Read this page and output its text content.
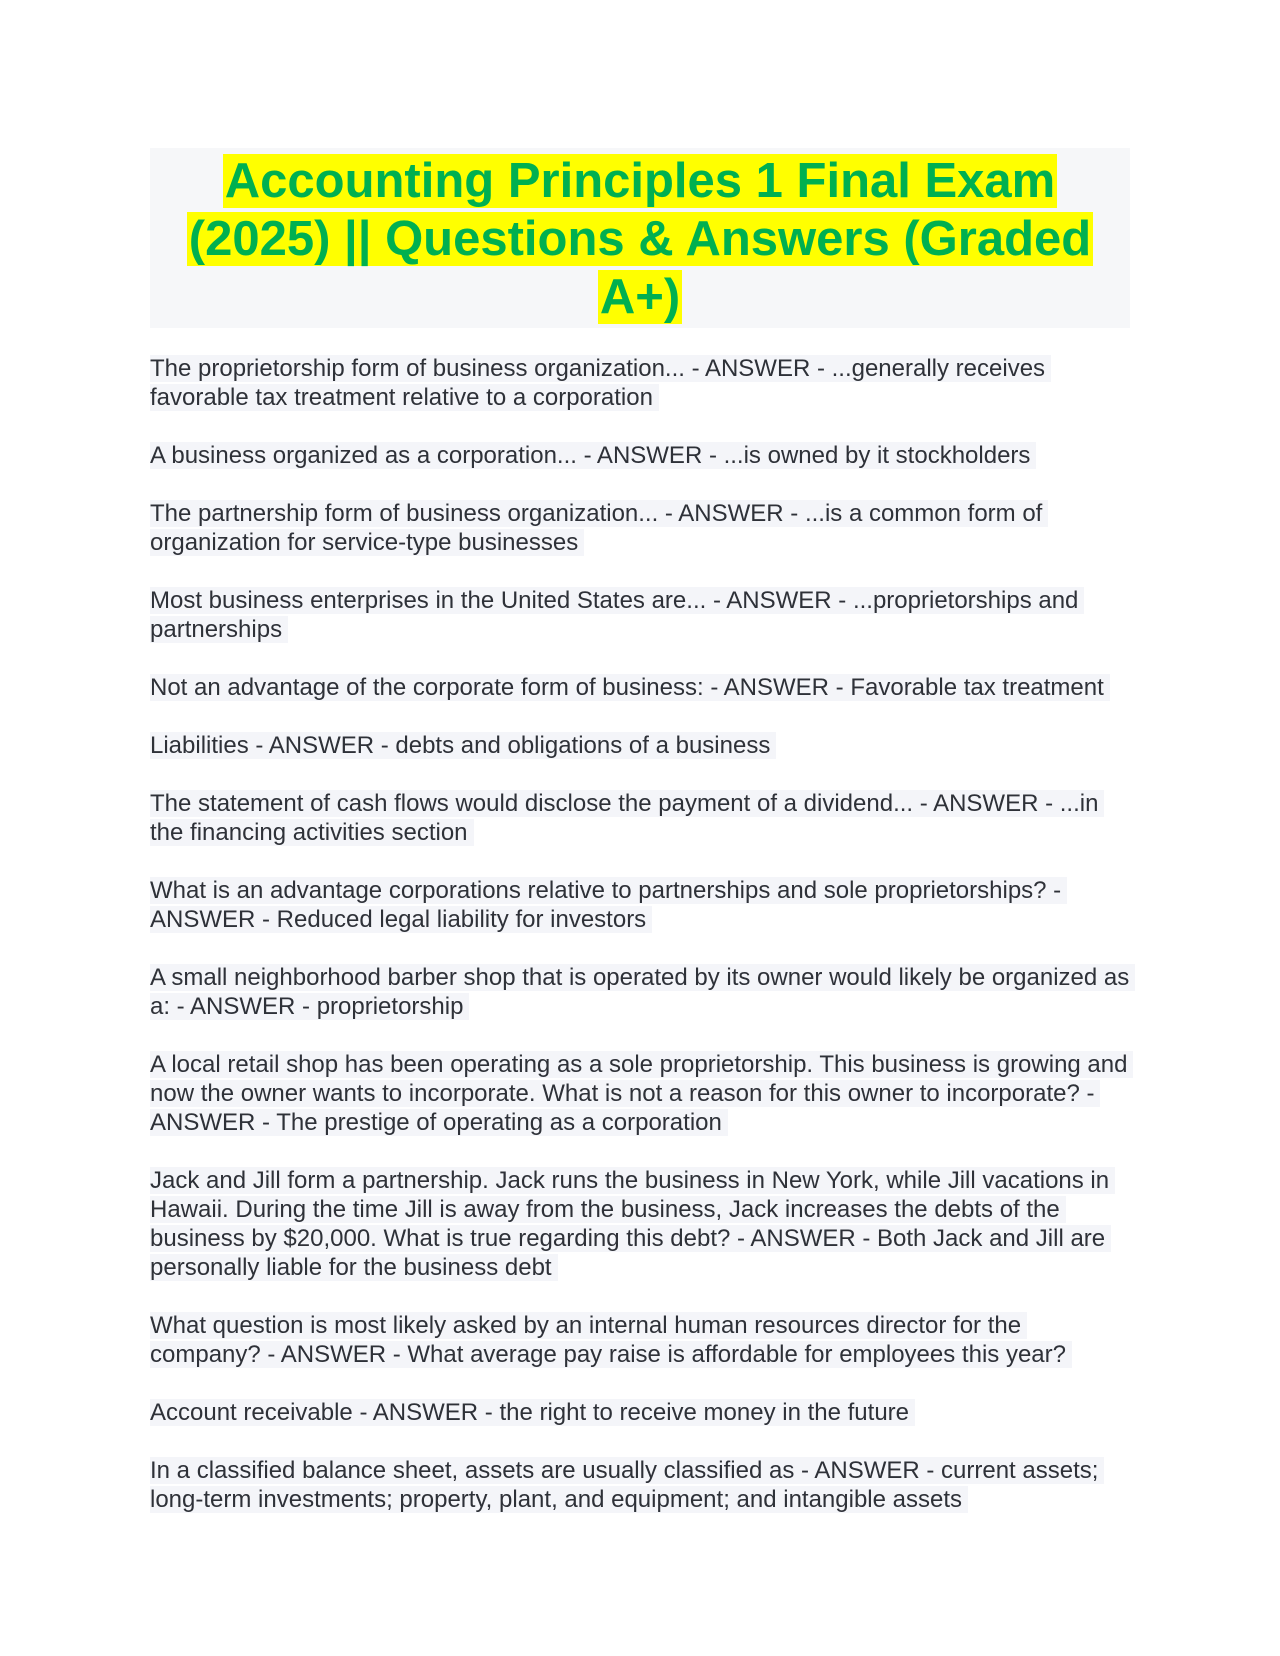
Accounting Principles 1 Final Exam (2025) || Questions & Answers (Graded A+)

The proprietorship form of business organization... - ANSWER - ...generally receives favorable tax treatment relative to a corporation

A business organized as a corporation... - ANSWER - ...is owned by it stockholders

The partnership form of business organization... - ANSWER - ...is a common form of organization for service-type businesses

Most business enterprises in the United States are... - ANSWER - ...proprietorships and partnerships

Not an advantage of the corporate form of business: - ANSWER - Favorable tax treatment

Liabilities - ANSWER - debts and obligations of a business

The statement of cash flows would disclose the payment of a dividend... - ANSWER - ...in the financing activities section

What is an advantage corporations relative to partnerships and sole proprietorships? - ANSWER - Reduced legal liability for investors

A small neighborhood barber shop that is operated by its owner would likely be organized as a: - ANSWER - proprietorship

A local retail shop has been operating as a sole proprietorship. This business is growing and now the owner wants to incorporate. What is not a reason for this owner to incorporate? - ANSWER - The prestige of operating as a corporation

Jack and Jill form a partnership. Jack runs the business in New York, while Jill vacations in Hawaii. During the time Jill is away from the business, Jack increases the debts of the business by $20,000. What is true regarding this debt? - ANSWER - Both Jack and Jill are personally liable for the business debt

What question is most likely asked by an internal human resources director for the company? - ANSWER - What average pay raise is affordable for employees this year?

Account receivable - ANSWER - the right to receive money in the future

In a classified balance sheet, assets are usually classified as - ANSWER - current assets; long-term investments; property, plant, and equipment; and intangible assets
